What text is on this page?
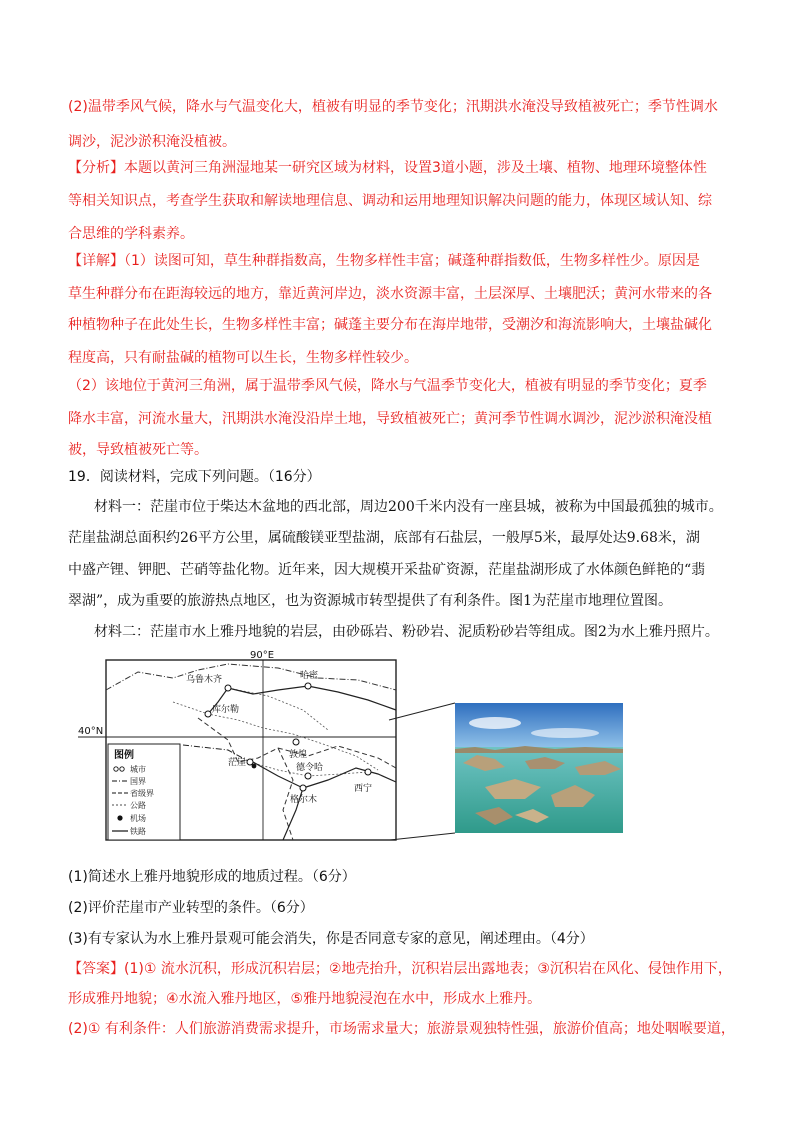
(2)温带季风气候，降水与气温变化大，植被有明显的季节变化；汛期洪水淹没导致植被死亡；季节性调水
调沙，泥沙淤积淹没植被。
【分析】本题以黄河三角洲湿地某一研究区域为材料，设置3道小题，涉及土壤、植物、地理环境整体性
等相关知识点，考查学生获取和解读地理信息、调动和运用地理知识解决问题的能力，体现区域认知、综
合思维的学科素养。
【详解】（1）读图可知，草生种群指数高，生物多样性丰富；碱蓬种群指数低，生物多样性少。原因是
草生种群分布在距海较远的地方，靠近黄河岸边，淡水资源丰富，土层深厚、土壤肥沃；黄河水带来的各
种植物种子在此处生长，生物多样性丰富；碱蓬主要分布在海岸地带，受潮汐和海流影响大，土壤盐碱化
程度高，只有耐盐碱的植物可以生长，生物多样性较少。
（2）该地位于黄河三角洲，属于温带季风气候，降水与气温季节变化大，植被有明显的季节变化；夏季
降水丰富，河流水量大，汛期洪水淹没沿岸土地，导致植被死亡；黄河季节性调水调沙，泥沙淤积淹没植
被，导致植被死亡等。
19．阅读材料，完成下列问题。（16分）
材料一：茫崖市位于柴达木盆地的西北部，周边200千米内没有一座县城，被称为中国最孤独的城市。
茫崖盐湖总面积约26平方公里，属硫酸镁亚型盐湖，底部有石盐层，一般厚5米，最厚处达9.68米，湖
中盛产锂、钾肥、芒硝等盐化物。近年来，因大规模开采盐矿资源，茫崖盐湖形成了水体颜色鲜艳的“翡
翠湖”，成为重要的旅游热点地区，也为资源城市转型提供了有利条件。图1为茫崖市地理位置图。
材料二：茫崖市水上雅丹地貌的岩层，由砂砾岩、粉砂岩、泥质粉砂岩等组成。图2为水上雅丹照片。
90°E
40°N
乌鲁木齐	哈密
库尔勒
敦煌
茫崖	德令哈
西宁
格尔木
图例
城市
国界
省级界
公路
机场
铁路
(1)简述水上雅丹地貌形成的地质过程。（6分）
(2)评价茫崖市产业转型的条件。（6分）
(3)有专家认为水上雅丹景观可能会消失，你是否同意专家的意见，阐述理由。（4分）
【答案】(1)① 流水沉积，形成沉积岩层；②地壳抬升，沉积岩层出露地表；③沉积岩在风化、侵蚀作用下，
形成雅丹地貌；④水流入雅丹地区，⑤雅丹地貌浸泡在水中，形成水上雅丹。
(2)① 有利条件：人们旅游消费需求提升，市场需求量大；旅游景观独特性强，旅游价值高；地处咽喉要道，
